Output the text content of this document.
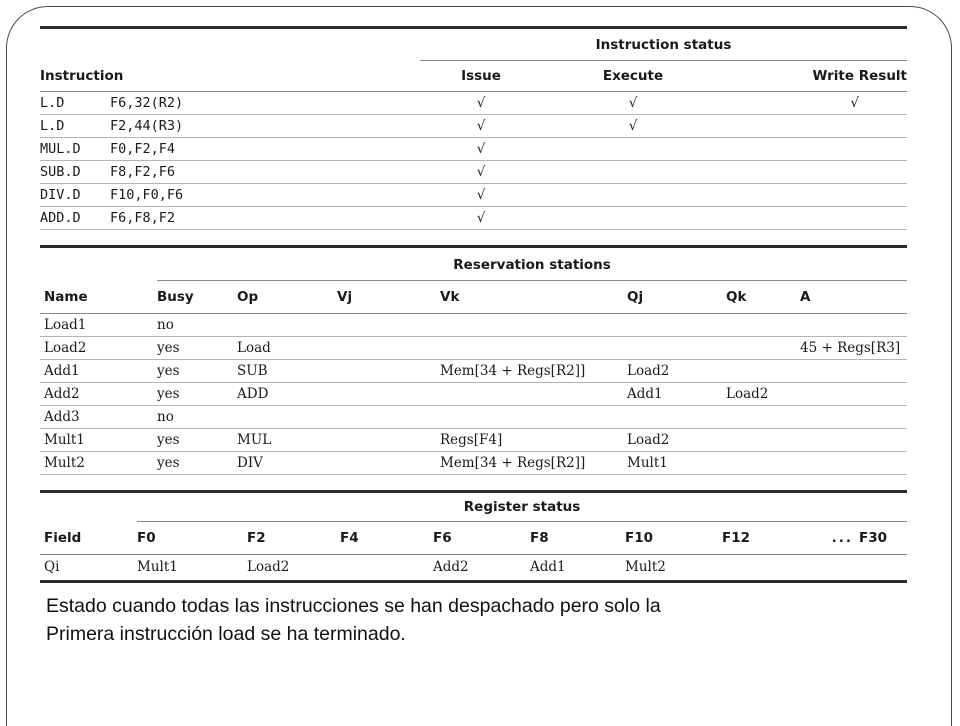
	Instruction status		
Instruction	Issue	Execute	Write Result
L.D F6,32(R2)	√	√	√
L.D F2,44(R3)	√	√	
MUL.D F0,F2,F4	√		
SUB.D F8,F2,F6	√		
DIV.D F10,F0,F6	√		
ADD.D F6,F8,F2	√		
	Reservation stations						
Name	Busy	Op	Vj	Vk	Qj	Qk	A
Load1	no						
Load2	yes	Load					45 + Regs[R3]
Add1	yes	SUB		Mem[34 + Regs[R2]]	Load2		
Add2	yes	ADD			Add1	Load2	
Add3	no						
Mult1	yes	MUL		Regs[F4]	Load2		
Mult2	yes	DIV		Mem[34 + Regs[R2]]	Mult1		
	Register status								
Field	F0	F2	F4	F6	F8	F10	F12	...	F30
Qi	Mult1	Load2		Add2	Add1	Mult2			
Estado cuando todas las instrucciones se han despachado pero solo la
Primera instrucción load se ha terminado.
